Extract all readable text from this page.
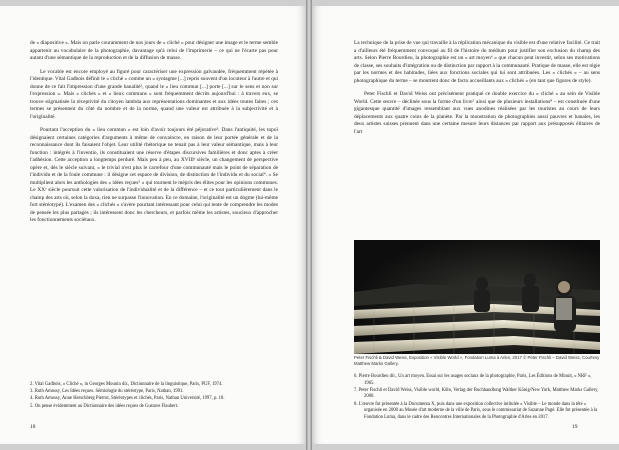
de « diapositive ». Mais on parle couramment de nos jours de « cliché » pour désigner une image et le terme semble appartenir au vocabulaire de la photographie, davantage qu'à celui de l'imprimerie – ce qui ne l'écarte pas pour autant d'une sémantique de la reproduction et de la diffusion de masse.

Le vocable est encore employé au figuré pour caractériser une expression galvaudée, fréquemment répétée à l'identique. Vital Gadbois définit le « cliché » comme un « syntagme [...] repris souvent d'un locuteur à l'autre et qui donne de ce fait l'impression d'une grande banalité², quand le « lieu commun [...] porte [...] sur le sens et non sur l'expression ». Mais « clichés » et « lieux communs » sont fréquemment décrits aujourd'hui : à travers eux, se trouve stigmatisée la réceptivité du citoyen lambda aux représentations dominantes et aux idées toutes faites ; ces termes se présentent du côté du nombre et de la norme, quand une valeur est attribuée à la subjectivité et à l'originalité.

Pourtant l'acception du « lieu commun » est loin d'avoir toujours été péjorative³. Dans l'antiquité, les topoï désignaient certaines catégories d'arguments à même de convaincre, en raison de leur portée générale et de la reconnaissance dont ils faisaient l'objet. Leur utilité rhétorique ne tenait pas à leur valeur sémantique, mais à leur fonction : intégrés à l'inventio, ils constituaient une réserve d'étapes discursives familières et donc aptes à créer l'adhésion. Cette acception a longtemps perduré. Mais peu à peu, au XVIIIᵉ siècle, un changement de perspective opère et, dès le siècle suivant, « le trivial n'est plus le carrefour d'une communauté mais le point de séparation de l'individu et de la foule commune : il désigne cet espace de division, de distinction de l'individu et du social⁴. » Se multiplient alors les anthologies des « idées reçues⁵ » qui tournent le mépris des élites pour les opinions communes. Le XXᵉ siècle poursuit cette valorisation de l'individualité et de la différence – et ce tout particulièrement dans le champ des arts où, selon la doxa, rien ne surpasse l'innovation. En ce domaine, l'originalité est un dogme (lui-même fort stéréotypé). L'examen des « clichés » s'avère pourtant intéressant pour celui qui tente de comprendre les modes de pensée les plus partagés ; ils intéressent donc les chercheurs, et parfois même les artistes, soucieux d'approcher les fonctionnements sociétaux.

2. Vital Gadbois, « Cliché », in Georges Mounin dir., Dictionnaire de la linguistique, Paris, PUF, 1974.
3. Ruth Amossy, Les Idées reçues. Sémiologie du stéréotype, Paris, Nathan, 1991.
4. Ruth Amossy, Anne Herschberg Pierrot, Stéréotypes et clichés, Paris, Nathan Université, 1997, p. 18.
5. On pense évidemment au Dictionnaire des idées reçues de Gustave Flaubert.
18

La technique de la prise de vue qui travaille à la réplication mécanique du visible est d'une relative facilité. Ce trait a d'ailleurs été fréquemment convoqué au fil de l'histoire du médium pour justifier son exclusion du champ des arts. Selon Pierre Bourdieu, la photographie est un « art moyen⁶ » que chacun peut investir, selon ses motivations de classe, ses souhaits d'intégration ou de distinction par rapport à la communauté. Pratique de masse, elle est régie par les normes et des habitudes, liées aux fonctions sociales qui lui sont attribuées. Les « clichés » – au sens photographique du terme – se montrent donc de facto accueillants aux « clichés » (en tant que figures de style).

Peter Fischli et David Weiss ont précisément pratiqué ce double exercice du « cliché » au sein de Visible World. Cette œuvre – déclinée sous la forme d'un livre⁷ ainsi que de plusieurs installations⁸ – est constituée d'une gigantesque quantité d'images ressemblant aux vues anodines réalisées par les touristes au cours de leurs déplacements aux quatre coins de la planète. Par la monstration de photographies aussi pauvres et banales, les deux artistes suisses prennent dans une certaine mesure leurs distances par rapport aux présupposés élitaires de l'art

Peter Fischli & David Weiss, Exposition « Visible World », Fondation Luma à Arles, 2017 © Peter Fischli – David Weiss, Courtesy Matthew Marks Gallery.
6. Pierre Bourdieu dir., Un art moyen. Essai sur les usages sociaux de la photographie, Paris, Les Éditions de Minuit, « NRF », 1965.
7. Peter Fischli et David Weiss, Visible world, Köln, Verlag der Buchhandlung Walther König/New York, Matthew Marks Gallery, 2000.
8. L'œuvre fut présentée à la Documenta X, puis dans une exposition collective intitulée « Visible – Le monde dans la tête » organisée en 2000 au Musée d'art moderne de la ville de Paris, sous le commissariat de Suzanne Pagé. Elle fut présentée à la Fondation Luma, dans le cadre des Rencontres Internationales de la Photographie d'Arles en 2017.
19
